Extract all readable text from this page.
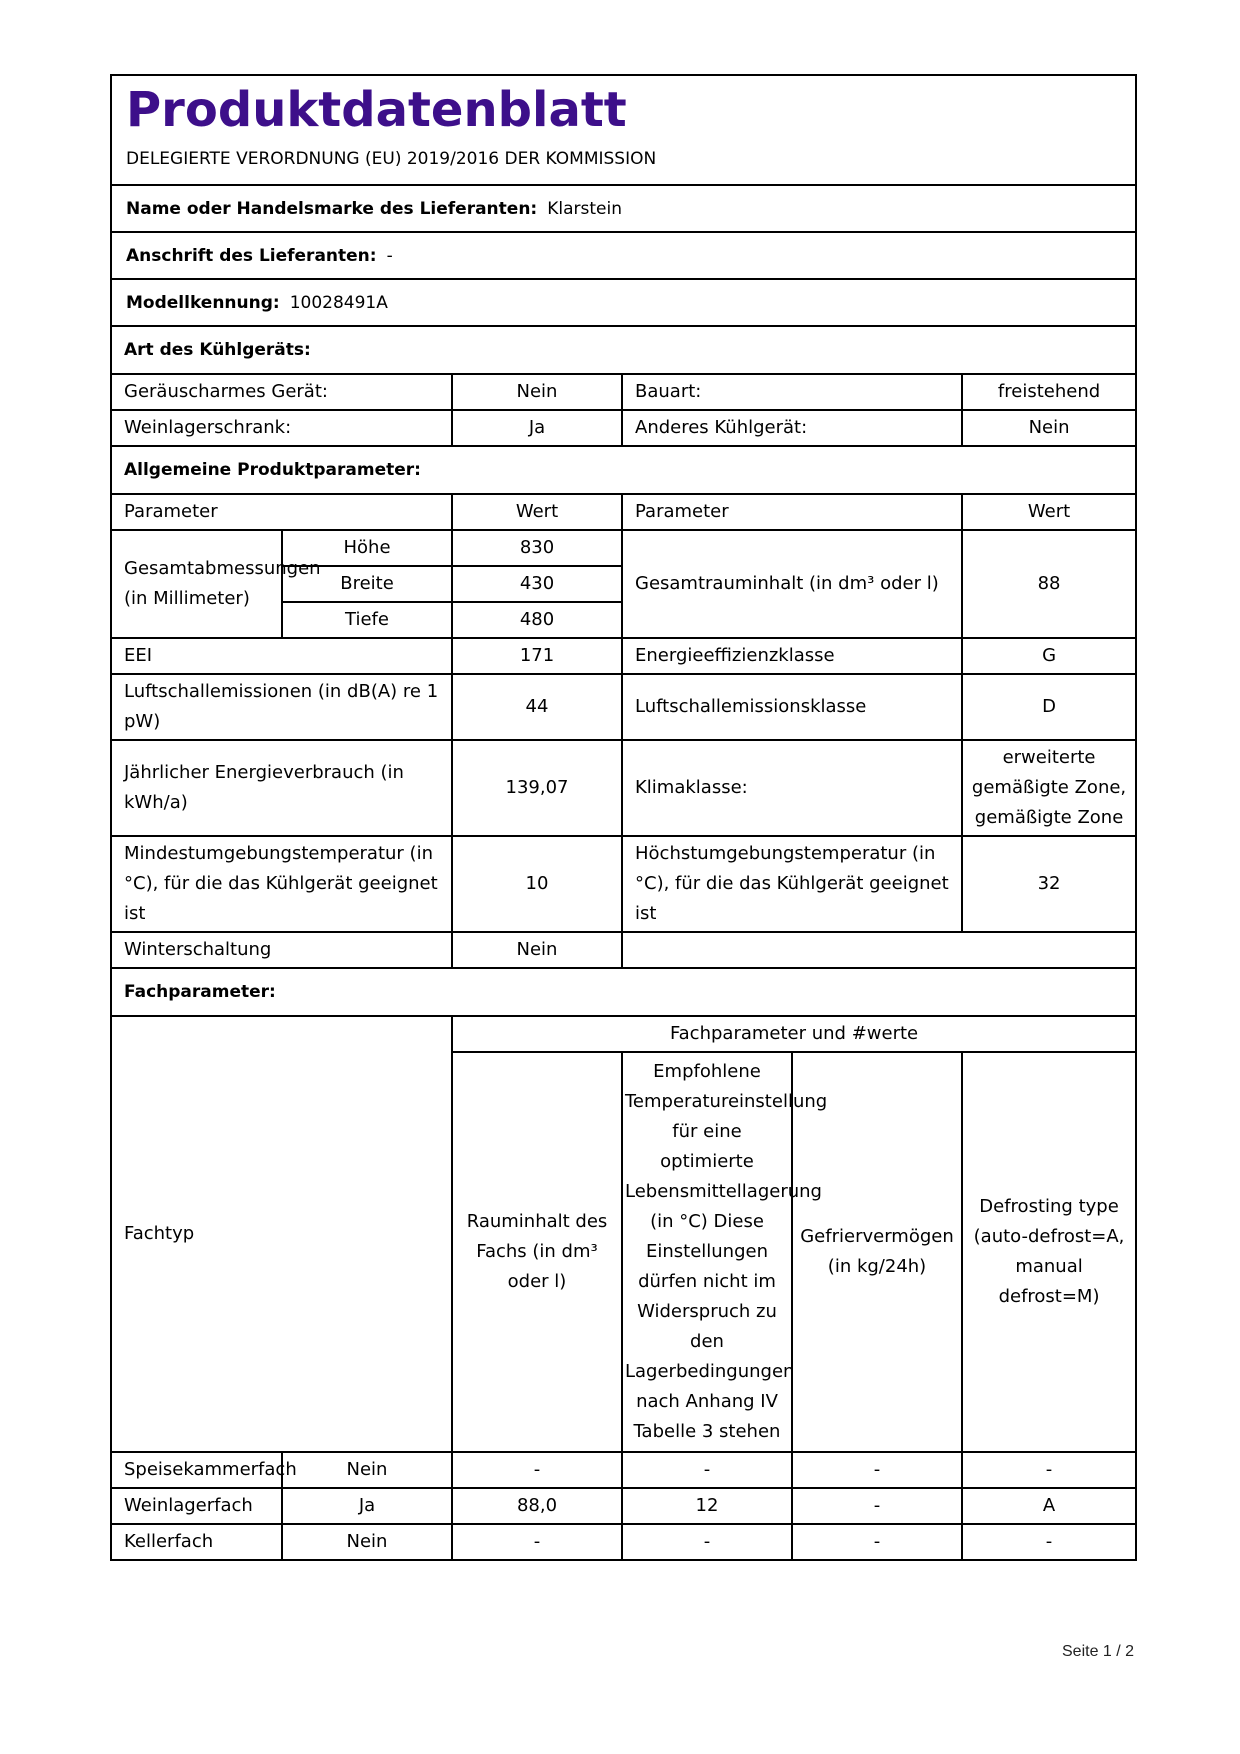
Produktdatenblatt
DELEGIERTE VERORDNUNG (EU) 2019/2016 DER KOMMISSION
Name oder Handelsmarke des Lieferanten: Klarstein
Anschrift des Lieferanten: -
Modellkennung: 10028491A
Art des Kühlgeräts:					
Geräuscharmes Gerät:		Nein	Bauart:		freistehend
Weinlagerschrank:		Ja	Anderes Kühlgerät:		Nein
Allgemeine Produktparameter:					
Parameter		Wert	Parameter		Wert

Gesamtabmessungen (in Millimeter)	Höhe	830	Gesamtrauminhalt (in dm³ oder l)		88
	Breite	430			
	Tiefe	480			
EEI		171	Energieeffizienzklasse		G
Luftschallemissionen (in dB(A) re 1 pW)		44	Luftschallemissionsklasse		D
Jährlicher Energieverbrauch (in kWh/a)		139,07	Klimaklasse:		erweiterte gemäßigte Zone, gemäßigte Zone
Mindestumgebungstemperatur (in °C), für die das Kühlgerät geeignet ist		10	Höchstumgebungstemperatur (in °C), für die das Kühlgerät geeignet ist		32
Winterschaltung		Nein			
Fachparameter:					
Fachtyp		Fachparameter und #werte			
		Rauminhalt des Fachs (in dm³ oder l)	Empfohlene Temperatureinstellung für eine optimierte Lebensmittellagerung (in °C) Diese Einstellungen dürfen nicht im Widerspruch zu den Lagerbedingungen nach Anhang IV Tabelle 3 stehen	Gefriervermögen (in kg/24h)	Defrosting type (auto-defrost=A, manual defrost=M)
Speisekammerfach	Nein	-	-	-	-
Weinlagerfach	Ja	88,0	12	-	A
Kellerfach	Nein	-	-	-	-
Seite 1 / 2
